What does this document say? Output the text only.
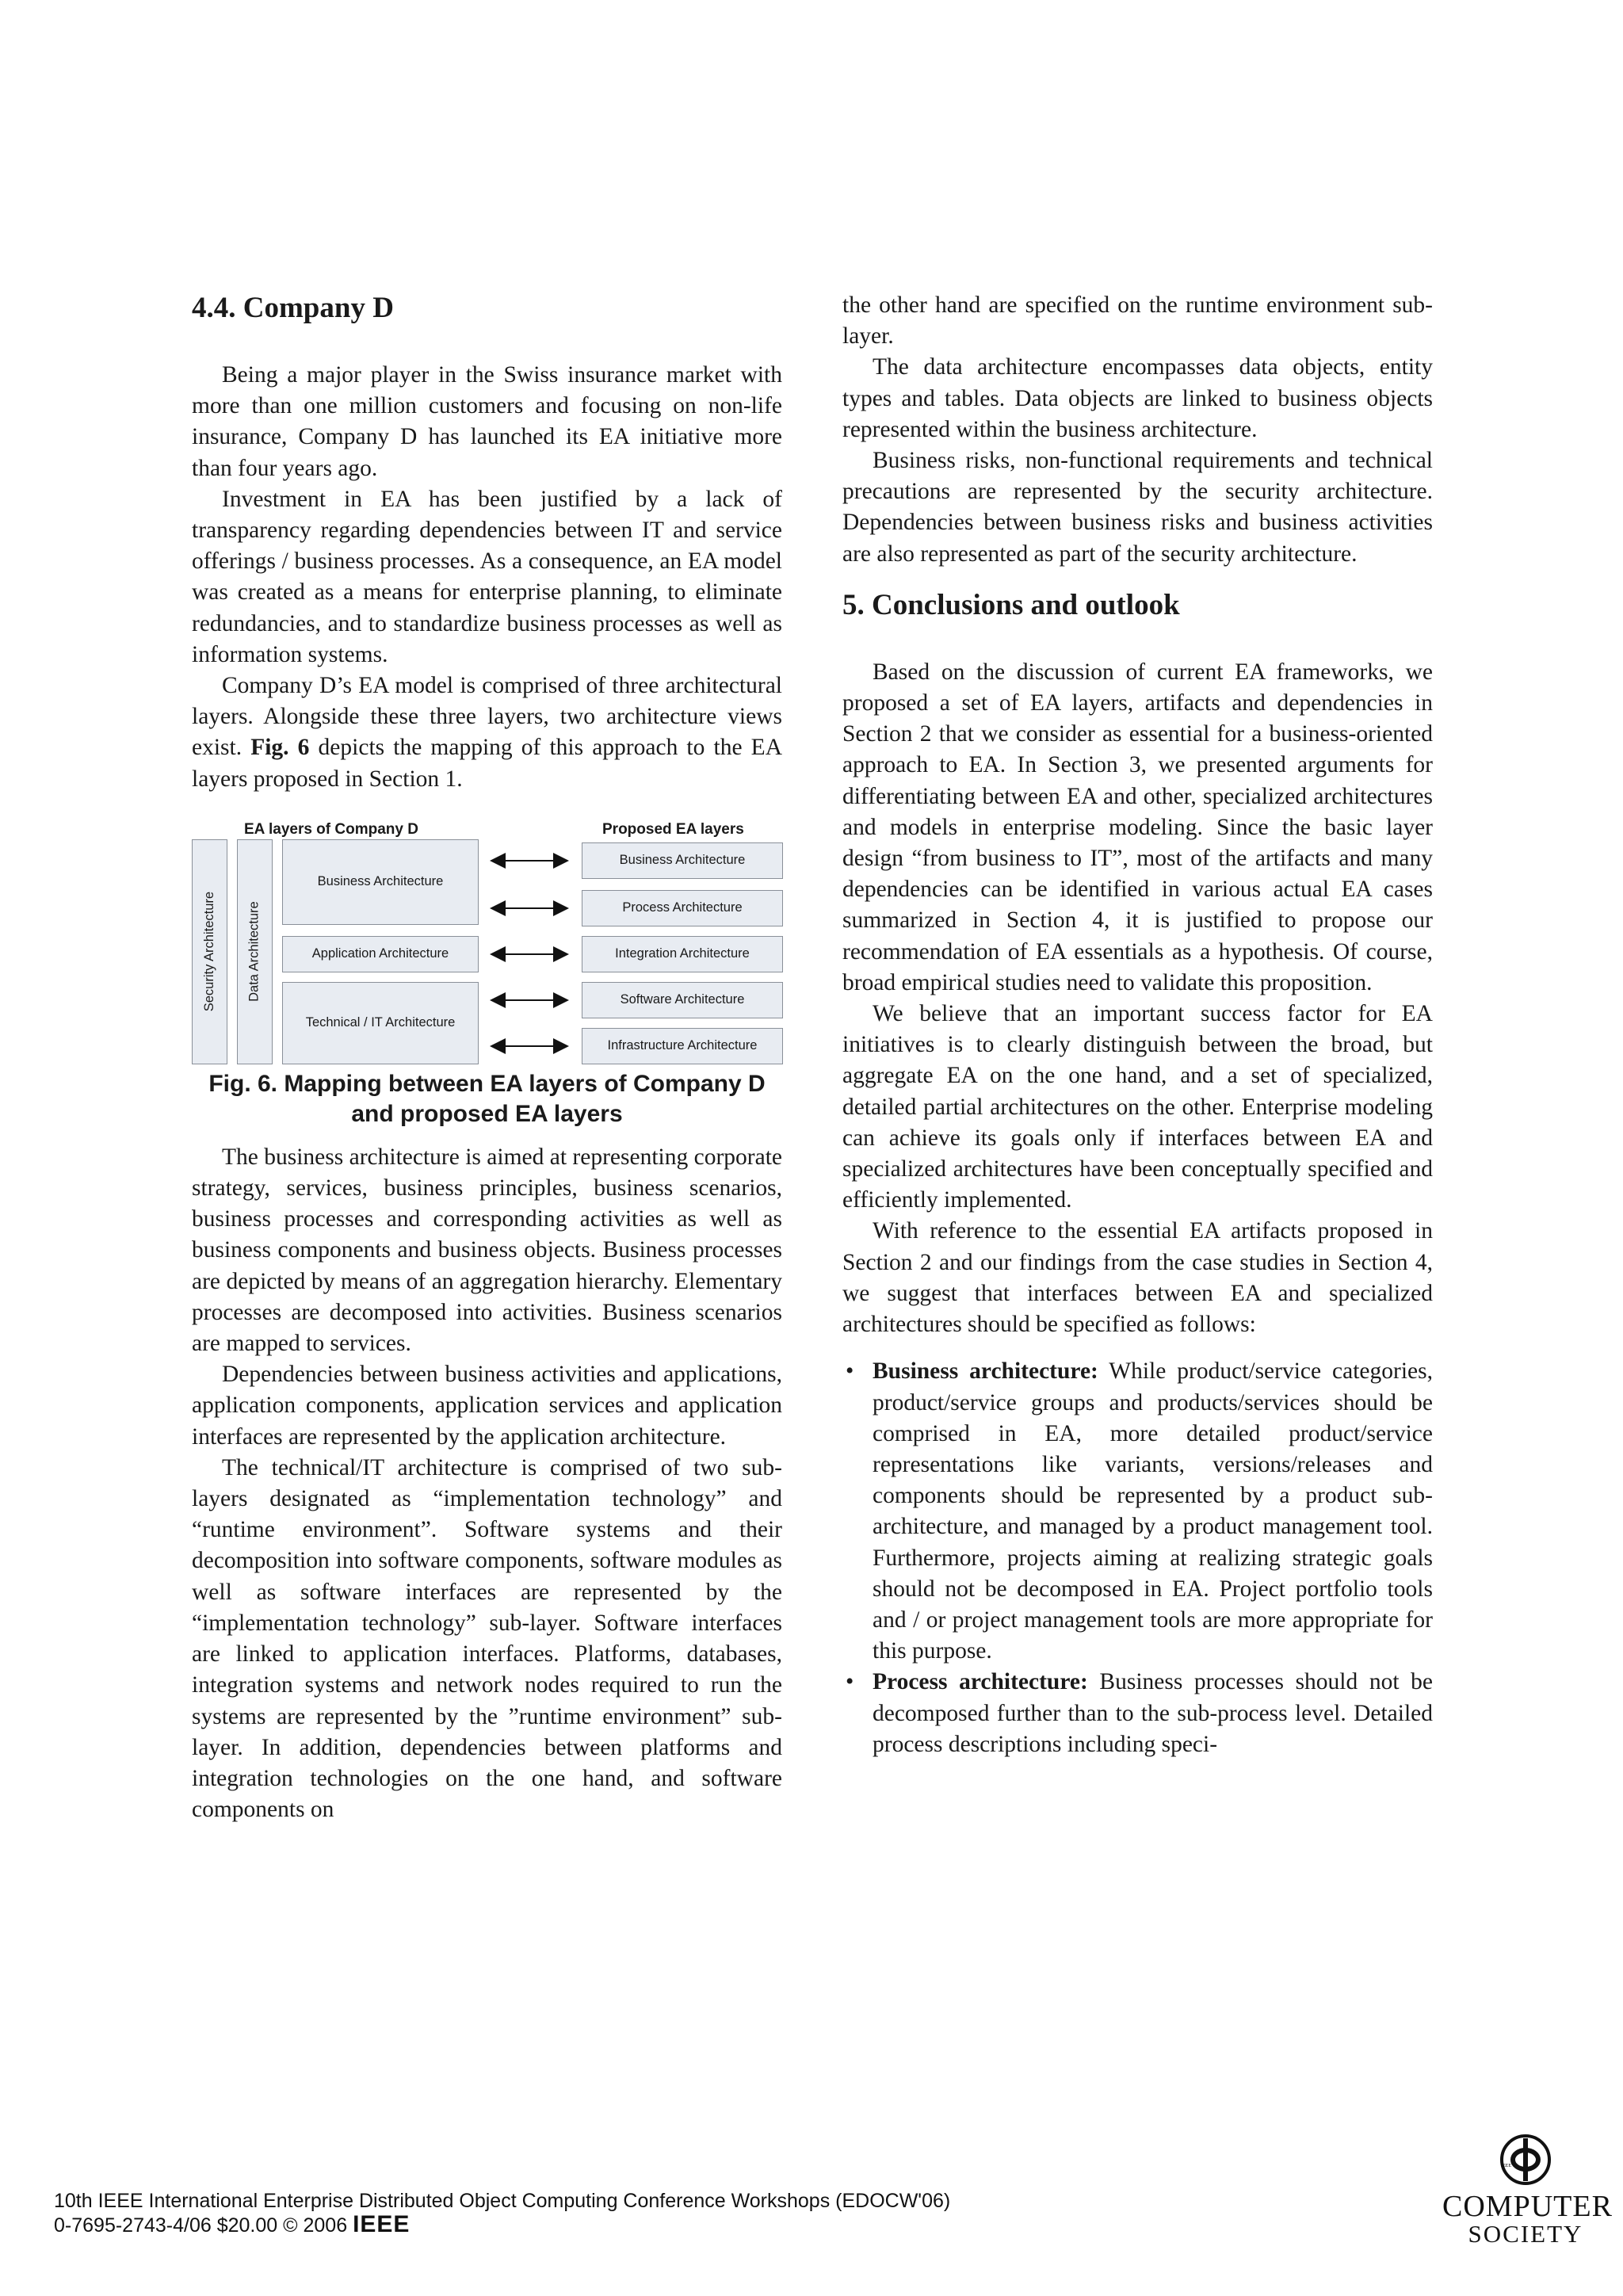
4.4. Company D

Being a major player in the Swiss insurance market with more than one million customers and focusing on non-life insurance, Company D has launched its EA initiative more than four years ago.

Investment in EA has been justified by a lack of transparency regarding dependencies between IT and service offerings / business processes. As a consequence, an EA model was created as a means for enterprise planning, to eliminate redundancies, and to standardize business processes as well as information systems.

Company D’s EA model is comprised of three architectural layers. Alongside these three layers, two architecture views exist. Fig. 6 depicts the mapping of this approach to the EA layers proposed in Section 1.

EA layers of Company D	Proposed EA layers
Security Architecture	Data Architecture
Business Architecture
Application Architecture
Technical / IT Architecture
Business Architecture
Process Architecture
Integration Architecture
Software Architecture
Infrastructure Architecture
Fig. 6. Mapping between EA layers of Company D and proposed EA layers

The business architecture is aimed at representing corporate strategy, services, business principles, business scenarios, business processes and corresponding activities as well as business components and business objects. Business processes are depicted by means of an aggregation hierarchy. Elementary processes are decomposed into activities. Business scenarios are mapped to services.

Dependencies between business activities and applications, application components, application services and application interfaces are represented by the application architecture.

The technical/IT architecture is comprised of two sub-layers designated as “implementation technology” and “runtime environment”. Software systems and their decomposition into software components, software modules as well as software interfaces are represented by the “implementation technology” sub-layer. Software interfaces are linked to application interfaces. Platforms, databases, integration systems and network nodes required to run the systems are represented by the ”runtime environment” sub-layer. In addition, dependencies between platforms and integration technologies on the one hand, and software components on

the other hand are specified on the runtime environment sub-layer.

The data architecture encompasses data objects, entity types and tables. Data objects are linked to business objects represented within the business architecture.

Business risks, non-functional requirements and technical precautions are represented by the security architecture. Dependencies between business risks and business activities are also represented as part of the security architecture.

5. Conclusions and outlook

Based on the discussion of current EA frameworks, we proposed a set of EA layers, artifacts and dependencies in Section 2 that we consider as essential for a business-oriented approach to EA. In Section 3, we presented arguments for differentiating between EA and other, specialized architectures and models in enterprise modeling. Since the basic layer design “from business to IT”, most of the artifacts and many dependencies can be identified in various actual EA cases summarized in Section 4, it is justified to propose our recommendation of EA essentials as a hypothesis. Of course, broad empirical studies need to validate this proposition.

We believe that an important success factor for EA initiatives is to clearly distinguish between the broad, but aggregate EA on the one hand, and a set of specialized, detailed partial architectures on the other. Enterprise modeling can achieve its goals only if interfaces between EA and specialized architectures have been conceptually specified and efficiently implemented.

With reference to the essential EA artifacts proposed in Section 2 and our findings from the case studies in Section 4, we suggest that interfaces between EA and specialized architectures should be specified as follows:

• Business architecture: While product/service categories, product/service groups and products/services should be comprised in EA, more detailed product/service representations like variants, versions/releases and components should be represented by a product sub-architecture, and managed by a product management tool. Furthermore, projects aiming at realizing strategic goals should not be decomposed in EA. Project portfolio tools and / or project management tools are more appropriate for this purpose.
• Process architecture: Business processes should not be decomposed further than to the sub-process level. Detailed process descriptions including speci-
10th IEEE International Enterprise Distributed Object Computing Conference Workshops (EDOCW'06)
0-7695-2743-4/06 $20.00 © 2006 IEEE
IEEE
COMPUTER
SOCIETY
